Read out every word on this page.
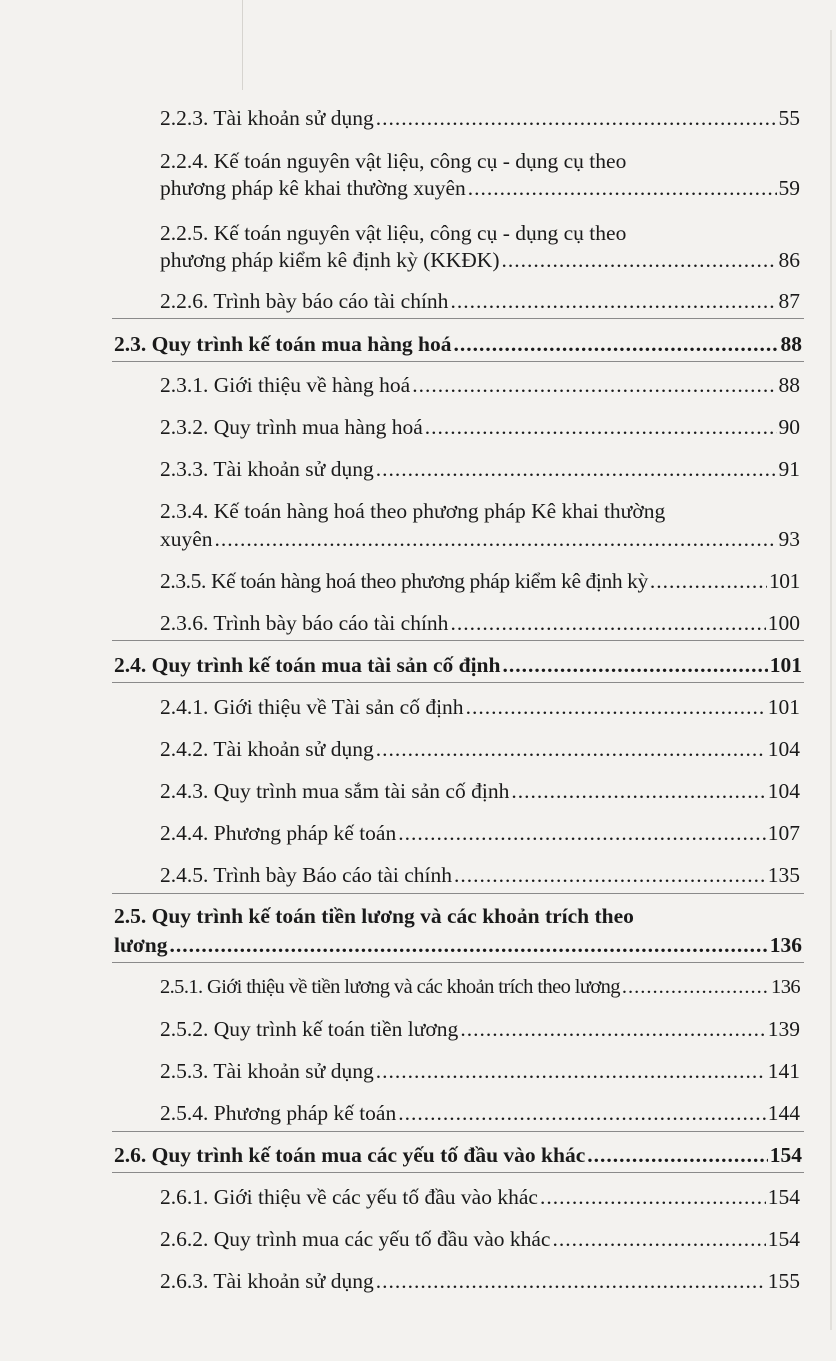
2.2.3. Tài khoản sử dụng .....	55
2.2.4. Kế toán nguyên vật liệu, công cụ - dụng cụ theo
phương pháp kê khai thường xuyên .....	59
2.2.5. Kế toán nguyên vật liệu, công cụ - dụng cụ theo
phương pháp kiểm kê định kỳ (KKĐK) .....	86
2.2.6. Trình bày báo cáo tài chính .....	87
2.3. Quy trình kế toán mua hàng hoá .....	88
2.3.1. Giới thiệu về hàng hoá .....	88
2.3.2. Quy trình mua hàng hoá .....	90
2.3.3. Tài khoản sử dụng .....	91
2.3.4. Kế toán hàng hoá theo phương pháp Kê khai thường
xuyên .....	93
2.3.5. Kế toán hàng hoá theo phương pháp kiểm kê định kỳ .....	101
2.3.6. Trình bày báo cáo tài chính .....	100
2.4. Quy trình kế toán mua tài sản cố định .....	101
2.4.1. Giới thiệu về Tài sản cố định .....	101
2.4.2. Tài khoản sử dụng .....	104
2.4.3. Quy trình mua sắm tài sản cố định .....	104
2.4.4. Phương pháp kế toán .....	107
2.4.5. Trình bày Báo cáo tài chính .....	135
2.5. Quy trình kế toán tiền lương và các khoản trích theo
lương .....	136
2.5.1. Giới thiệu về tiền lương và các khoản trích theo lương .....	136
2.5.2. Quy trình kế toán tiền lương .....	139
2.5.3. Tài khoản sử dụng .....	141
2.5.4. Phương pháp kế toán .....	144
2.6. Quy trình kế toán mua các yếu tố đầu vào khác .....	154
2.6.1. Giới thiệu về các yếu tố đầu vào khác .....	154
2.6.2. Quy trình mua các yếu tố đầu vào khác .....	154
2.6.3. Tài khoản sử dụng .....	155
